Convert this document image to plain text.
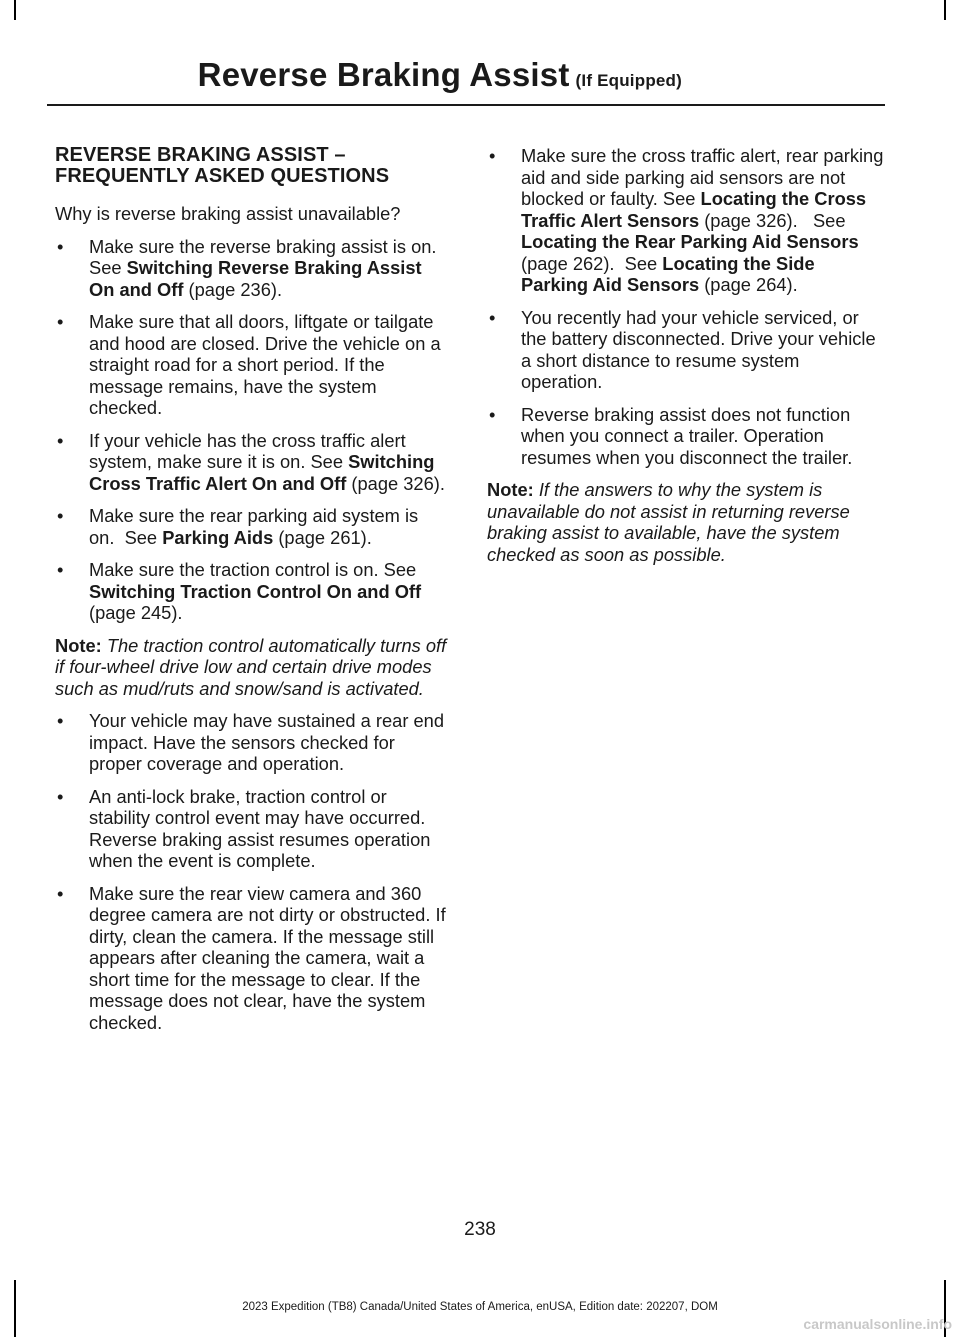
Reverse Braking Assist (If Equipped)
REVERSE BRAKING ASSIST –
FREQUENTLY ASKED QUESTIONS

Why is reverse braking assist unavailable?

• Make sure the reverse braking assist is on.  See Switching Reverse Braking Assist On and Off (page 236).
• Make sure that all doors, liftgate or tailgate and hood are closed. Drive the vehicle on a straight road for a short period. If the message remains, have the system checked.
• If your vehicle has the cross traffic alert system, make sure it is on. See Switching Cross Traffic Alert On and Off (page 326).
• Make sure the rear parking aid system is on.  See Parking Aids (page 261).
• Make sure the traction control is on. See Switching Traction Control On and Off (page 245).

Note: The traction control automatically turns off if four-wheel drive low and certain drive modes such as mud/ruts and snow/sand is activated.

• Your vehicle may have sustained a rear end impact. Have the sensors checked for proper coverage and operation.
• An anti-lock brake, traction control or stability control event may have occurred. Reverse braking assist resumes operation when the event is complete.
• Make sure the rear view camera and 360 degree camera are not dirty or obstructed. If dirty, clean the camera. If the message still appears after cleaning the camera, wait a short time for the message to clear. If the message does not clear, have the system checked.
• Make sure the cross traffic alert, rear parking aid and side parking aid sensors are not blocked or faulty. See Locating the Cross Traffic Alert Sensors (page 326).   See Locating the Rear Parking Aid Sensors (page 262).  See Locating the Side Parking Aid Sensors (page 264).
• You recently had your vehicle serviced, or the battery disconnected. Drive your vehicle a short distance to resume system operation.
• Reverse braking assist does not function when you connect a trailer. Operation resumes when you disconnect the trailer.

Note: If the answers to why the system is unavailable do not assist in returning reverse braking assist to available, have the system checked as soon as possible.

238
2023 Expedition (TB8) Canada/United States of America, enUSA, Edition date: 202207, DOM
carmanualsonline.info
